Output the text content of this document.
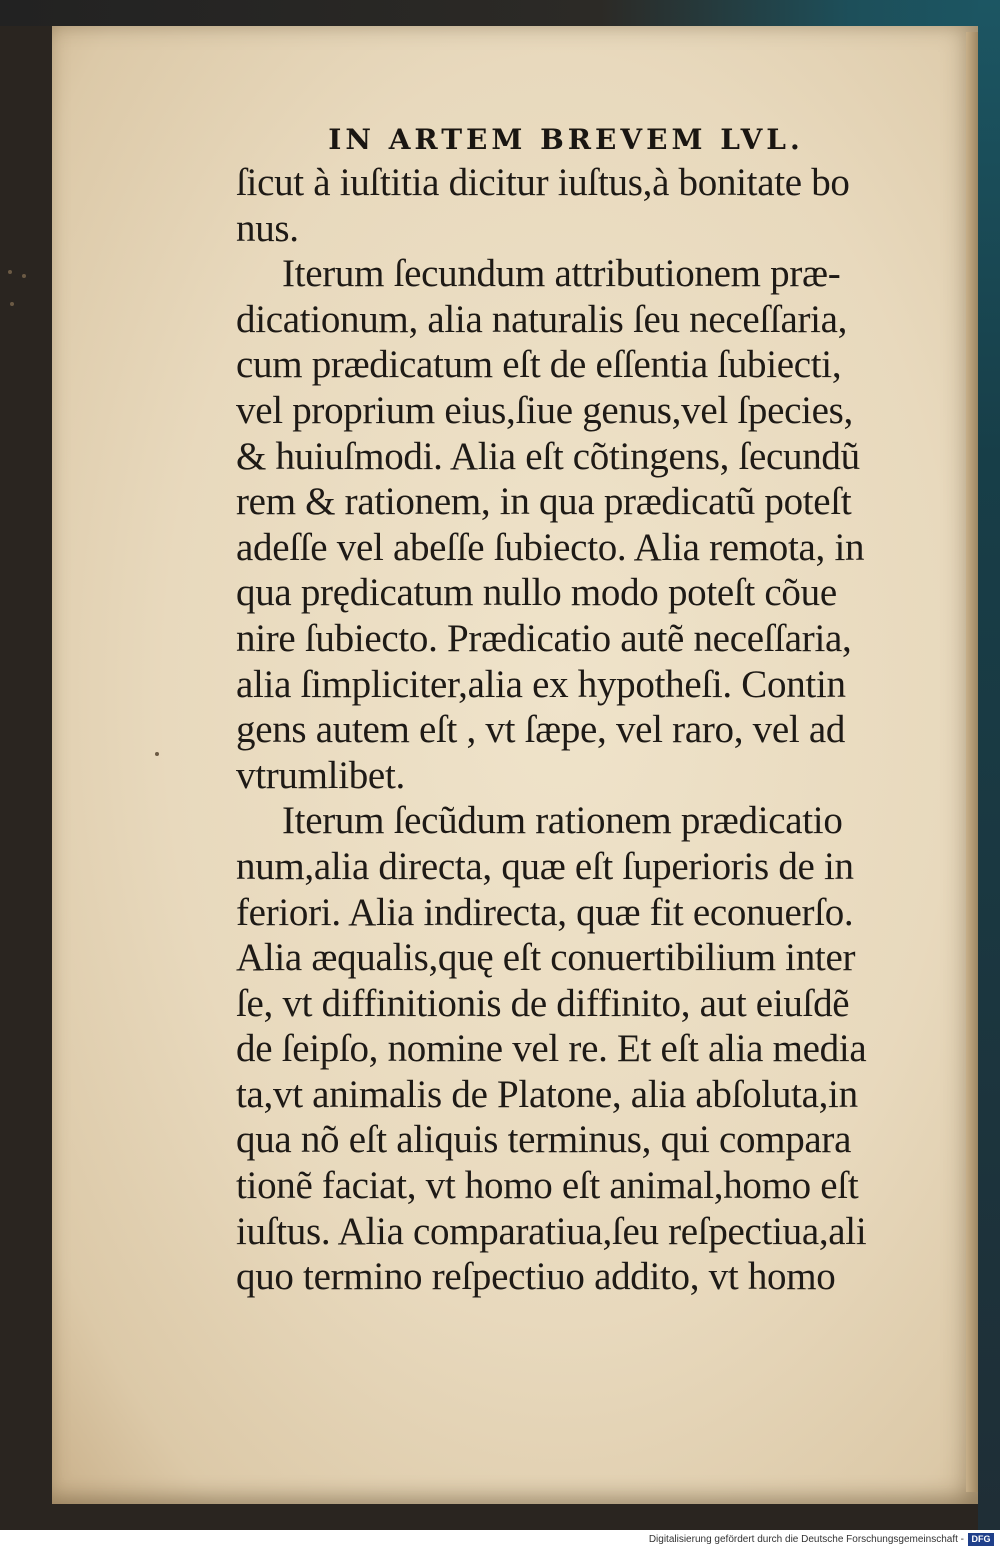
IN ARTEM BREVEM LVL.
ſicut à iuſtitia dicitur iuſtus,à bonitate bo
nus.
Iterum ſecundum attributionem præ-
dicationum, alia naturalis ſeu neceſſaria,
cum prædicatum eſt de eſſentia ſubiecti,
vel proprium eius,ſiue genus,vel ſpecies,
& huiuſmodi. Alia eſt cõtingens, ſecundũ
rem & rationem, in qua prædicatũ poteſt
adeſſe vel abeſſe ſubiecto. Alia remota, in
qua prędicatum nullo modo poteſt cõue
nire ſubiecto. Prædicatio autẽ neceſſaria,
alia ſimpliciter,alia ex hypotheſi. Contin
gens autem eſt , vt ſæpe, vel raro, vel ad
vtrumlibet.
Iterum ſecũdum rationem prædicatio
num,alia directa, quæ eſt ſuperioris de in
feriori. Alia indirecta, quæ fit econuerſo.
Alia æqualis,quę eſt conuertibilium inter
ſe, vt diffinitionis de diffinito, aut eiuſdẽ
de ſeipſo, nomine vel re. Et eſt alia media
ta,vt animalis de Platone, alia abſoluta,in
qua nõ eſt aliquis terminus, qui compara
tionẽ faciat, vt homo eſt animal,homo eſt
iuſtus. Alia comparatiua,ſeu reſpectiua,ali
quo termino reſpectiuo addito, vt homo
Digitalisierung gefördert durch die Deutsche Forschungsgemeinschaft - DFG
